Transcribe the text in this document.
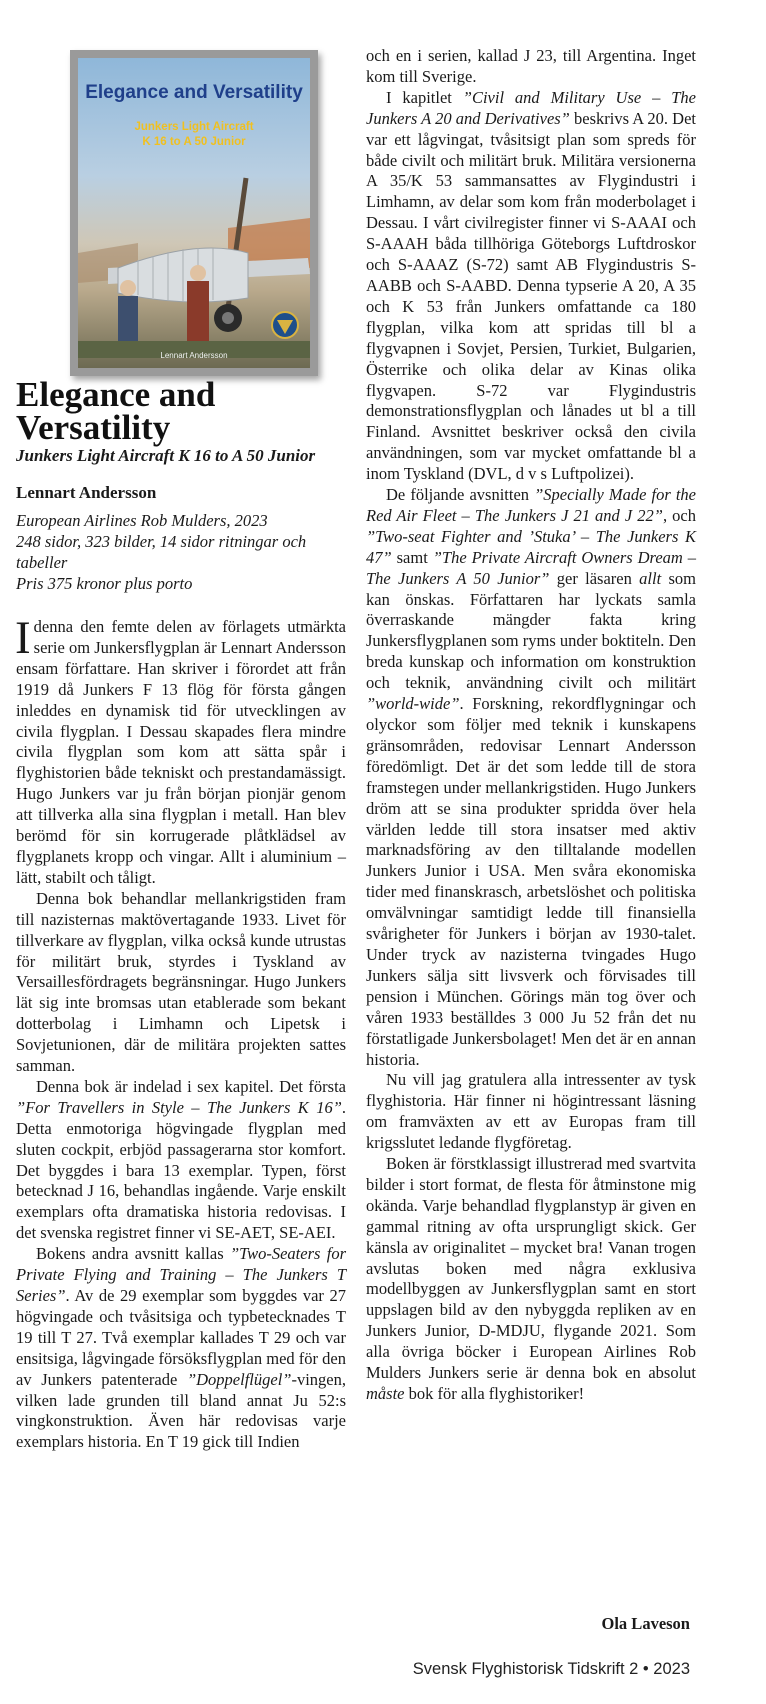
Elegance and Versatility
Junkers Light Aircraft
K 16 to A 50 Junior
Lennart Andersson
Elegance and
Versatility
Junkers Light Aircraft K 16 to A 50 Junior
Lennart Andersson
European Airlines Rob Mulders, 2023
248 sidor, 323 bilder, 14 sidor ritningar och tabeller
Pris 375 kronor plus porto

Idenna den femte delen av förlagets utmärkta serie om Junkersflygplan är Lennart Andersson ensam författare. Han skriver i förordet att från 1919 då Junkers F 13 flög för första gången inleddes en dynamisk tid för utvecklingen av civila flygplan. I Dessau skapades flera mindre civila flygplan som kom att sätta spår i flyghistorien både tekniskt och prestandamässigt. Hugo Junkers var ju från början pionjär genom att tillverka alla sina flygplan i metall. Han blev berömd för sin korrugerade plåtklädsel av flygplanets kropp och vingar. Allt i aluminium – lätt, stabilt och tåligt.

Denna bok behandlar mellankrigstiden fram till nazisternas maktövertagande 1933. Livet för tillverkare av flygplan, vilka också kunde utrustas för militärt bruk, styrdes i Tyskland av Versaillesfördragets begränsningar. Hugo Junkers lät sig inte bromsas utan etablerade som bekant dotterbolag i Limhamn och Lipetsk i Sovjetunionen, där de militära projekten sattes samman.

Denna bok är indelad i sex kapitel. Det första ”For Travellers in Style – The Junkers K 16”. Detta enmotoriga högvingade flygplan med sluten cockpit, erbjöd passagerarna stor komfort. Det byggdes i bara 13 exemplar. Typen, först betecknad J 16, behandlas ingående. Varje enskilt exemplars ofta dramatiska historia redovisas. I det svenska registret finner vi SE-AET, SE-AEI.

Bokens andra avsnitt kallas ”Two-Seaters for Private Flying and Training – The Junkers T Series”. Av de 29 exemplar som byggdes var 27 högvingade och tvåsitsiga och typbetecknades T 19 till T 27. Två exemplar kallades T 29 och var ensitsiga, lågvingade försöksflygplan med för den av Junkers patenterade ”Doppelflügel”-vingen, vilken lade grunden till bland annat Ju 52:s vingkonstruktion. Även här redovisas varje exemplars historia. En T 19 gick till Indien

och en i serien, kallad J 23, till Argentina. Inget kom till Sverige.

I kapitlet ”Civil and Military Use – The Junkers A 20 and Derivatives” beskrivs A 20. Det var ett lågvingat, tvåsitsigt plan som spreds för både civilt och militärt bruk. Militära versionerna A 35/K 53 sammansattes av Flygindustri i Limhamn, av delar som kom från moderbolaget i Dessau. I vårt civilregister finner vi S-AAAI och S-AAAH båda tillhöriga Göteborgs Luftdroskor och S-AAAZ (S-72) samt AB Flygindustris S-AABB och S-AABD. Denna typserie A 20, A 35 och K 53 från Junkers omfattande ca 180 flygplan, vilka kom att spridas till bl a flygvapnen i Sovjet, Persien, Turkiet, Bulgarien, Österrike och olika delar av Kinas olika flygvapen. S-72 var Flygindustris demonstrationsflygplan och lånades ut bl a till Finland. Avsnittet beskriver också den civila användningen, som var mycket omfattande bl a inom Tyskland (DVL, d v s Luftpolizei).

De följande avsnitten ”Specially Made for the Red Air Fleet – The Junkers J 21 and J 22”, och ”Two-seat Fighter and ’Stuka’ – The Junkers K 47” samt ”The Private Aircraft Owners Dream – The Junkers A 50 Junior” ger läsaren allt som kan önskas. Författaren har lyckats samla överraskande mängder fakta kring Junkersflygplanen som ryms under boktiteln. Den breda kunskap och information om konstruktion och teknik, användning civilt och militärt ”world-wide”. Forskning, rekordflygningar och olyckor som följer med teknik i kunskapens gränsområden, redovisar Lennart Andersson föredömligt. Det är det som ledde till de stora framstegen under mellankrigstiden. Hugo Junkers dröm att se sina produkter spridda över hela världen ledde till stora insatser med aktiv marknadsföring av den tilltalande modellen Junkers Junior i USA. Men svåra ekonomiska tider med finanskrasch, arbetslöshet och politiska omvälvningar samtidigt ledde till finansiella svårigheter för Junkers i början av 1930-talet. Under tryck av nazisterna tvingades Hugo Junkers sälja sitt livsverk och förvisades till pension i München. Görings män tog över och våren 1933 beställdes 3 000 Ju 52 från det nu förstatligade Junkersbolaget! Men det är en annan historia.

Nu vill jag gratulera alla intressenter av tysk flyghistoria. Här finner ni högintressant läsning om framväxten av ett av Europas fram till krigsslutet ledande flygföretag.

Boken är förstklassigt illustrerad med svartvita bilder i stort format, de flesta för åtminstone mig okända. Varje behandlad flygplanstyp är given en gammal ritning av ofta ursprungligt skick. Ger känsla av originalitet – mycket bra! Vanan trogen avslutas boken med några exklusiva modellbyggen av Junkersflygplan samt en stort uppslagen bild av den nybyggda repliken av en Junkers Junior, D-MDJU, flygande 2021. Som alla övriga böcker i European Airlines Rob Mulders Junkers serie är denna bok en absolut måste bok för alla flyghistoriker!

Ola Laveson
Svensk Flyghistorisk Tidskrift 2 • 2023
